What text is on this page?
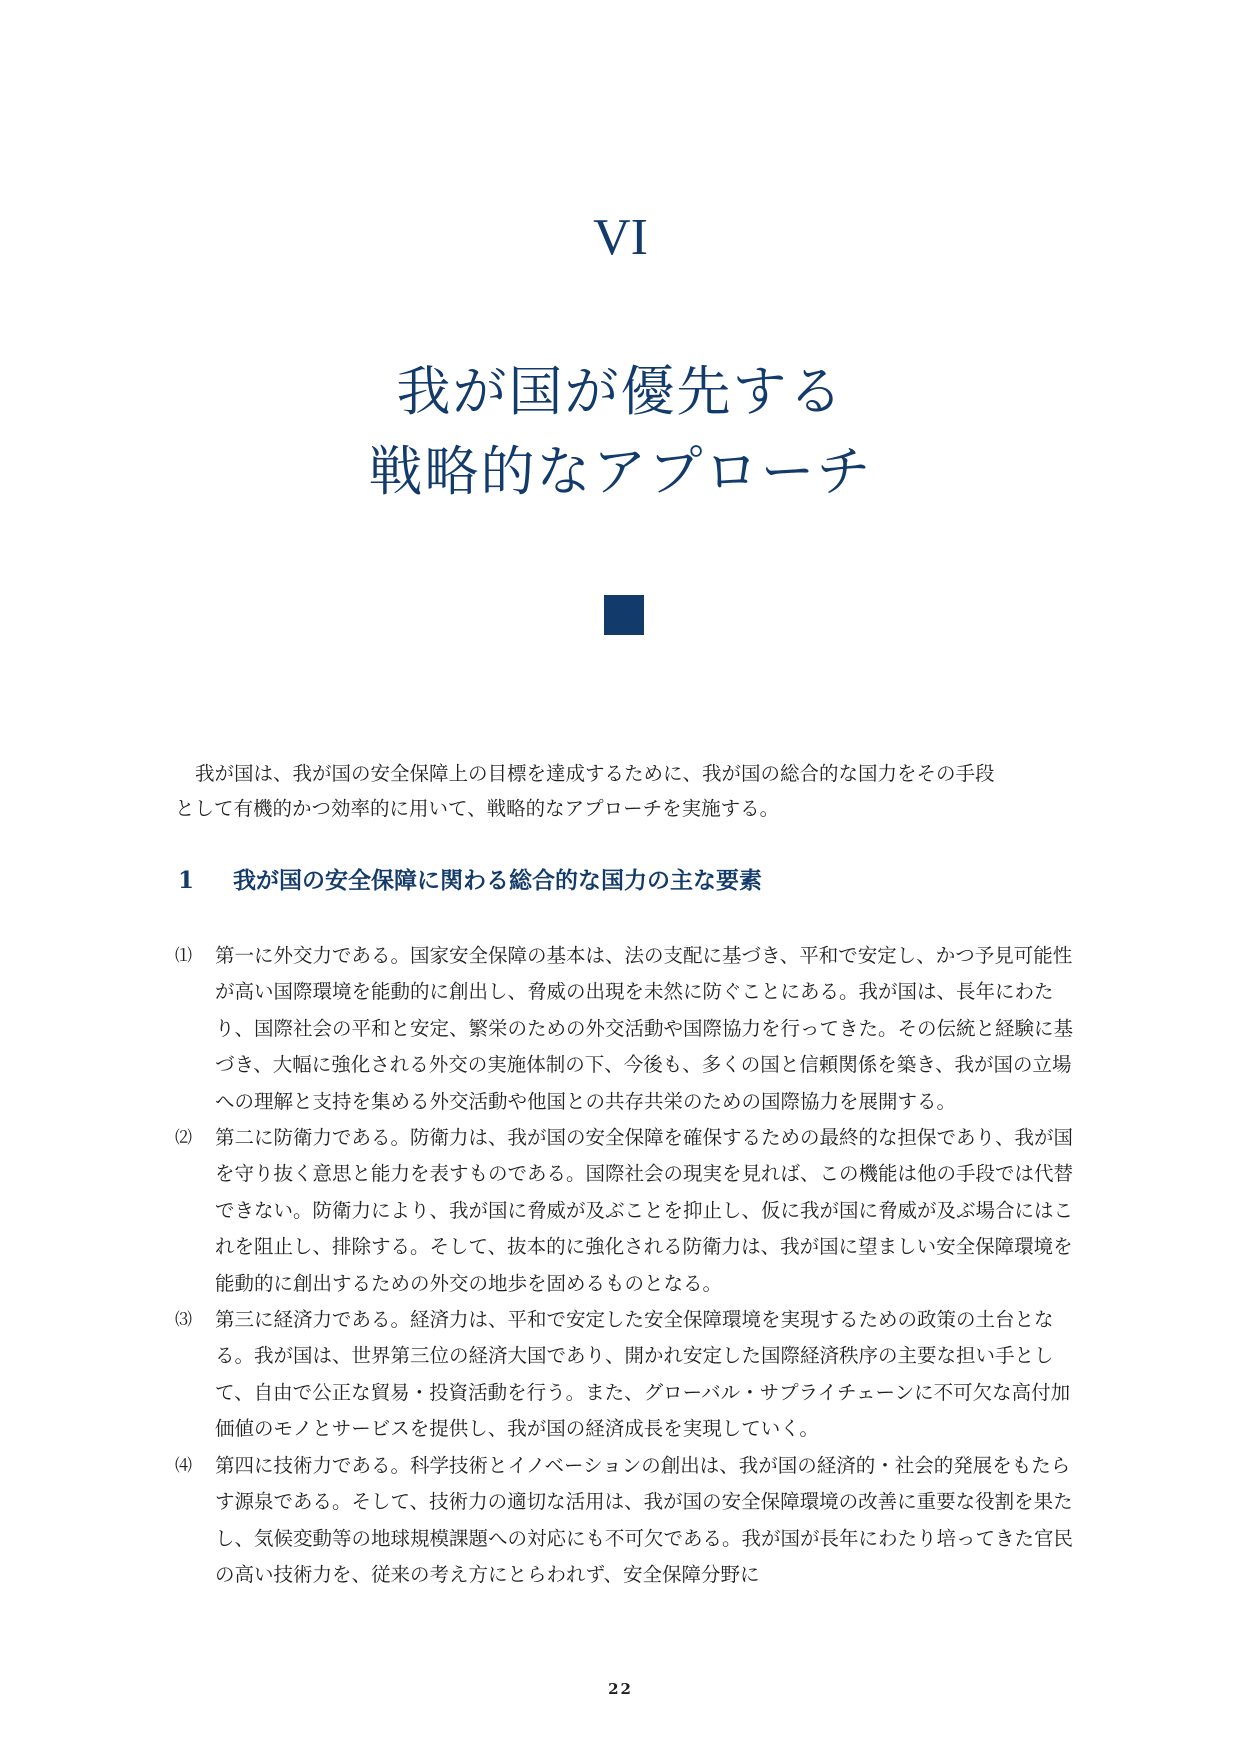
VI
我が国が優先する
戦略的なアプローチ

我が国は、我が国の安全保障上の目標を達成するために、我が国の総合的な国力をその手段
として有機的かつ効率的に用いて、戦略的なアプローチを実施する。

1 我が国の安全保障に関わる総合的な国力の主な要素
⑴ 第一に外交力である。国家安全保障の基本は、法の支配に基づき、平和で安定し、かつ予見可能性が高い国際環境を能動的に創出し、脅威の出現を未然に防ぐことにある。我が国は、長年にわたり、国際社会の平和と安定、繁栄のための外交活動や国際協力を行ってきた。その伝統と経験に基づき、大幅に強化される外交の実施体制の下、今後も、多くの国と信頼関係を築き、我が国の立場への理解と支持を集める外交活動や他国との共存共栄のための国際協力を展開する。
⑵ 第二に防衛力である。防衛力は、我が国の安全保障を確保するための最終的な担保であり、我が国を守り抜く意思と能力を表すものである。国際社会の現実を見れば、この機能は他の手段では代替できない。防衛力により、我が国に脅威が及ぶことを抑止し、仮に我が国に脅威が及ぶ場合にはこれを阻止し、排除する。そして、抜本的に強化される防衛力は、我が国に望ましい安全保障環境を能動的に創出するための外交の地歩を固めるものとなる。
⑶ 第三に経済力である。経済力は、平和で安定した安全保障環境を実現するための政策の土台となる。我が国は、世界第三位の経済大国であり、開かれ安定した国際経済秩序の主要な担い手として、自由で公正な貿易・投資活動を行う。また、グローバル・サプライチェーンに不可欠な高付加価値のモノとサービスを提供し、我が国の経済成長を実現していく。
⑷ 第四に技術力である。科学技術とイノベーションの創出は、我が国の経済的・社会的発展をもたらす源泉である。そして、技術力の適切な活用は、我が国の安全保障環境の改善に重要な役割を果たし、気候変動等の地球規模課題への対応にも不可欠である。我が国が長年にわたり培ってきた官民の高い技術力を、従来の考え方にとらわれず、安全保障分野に
22
